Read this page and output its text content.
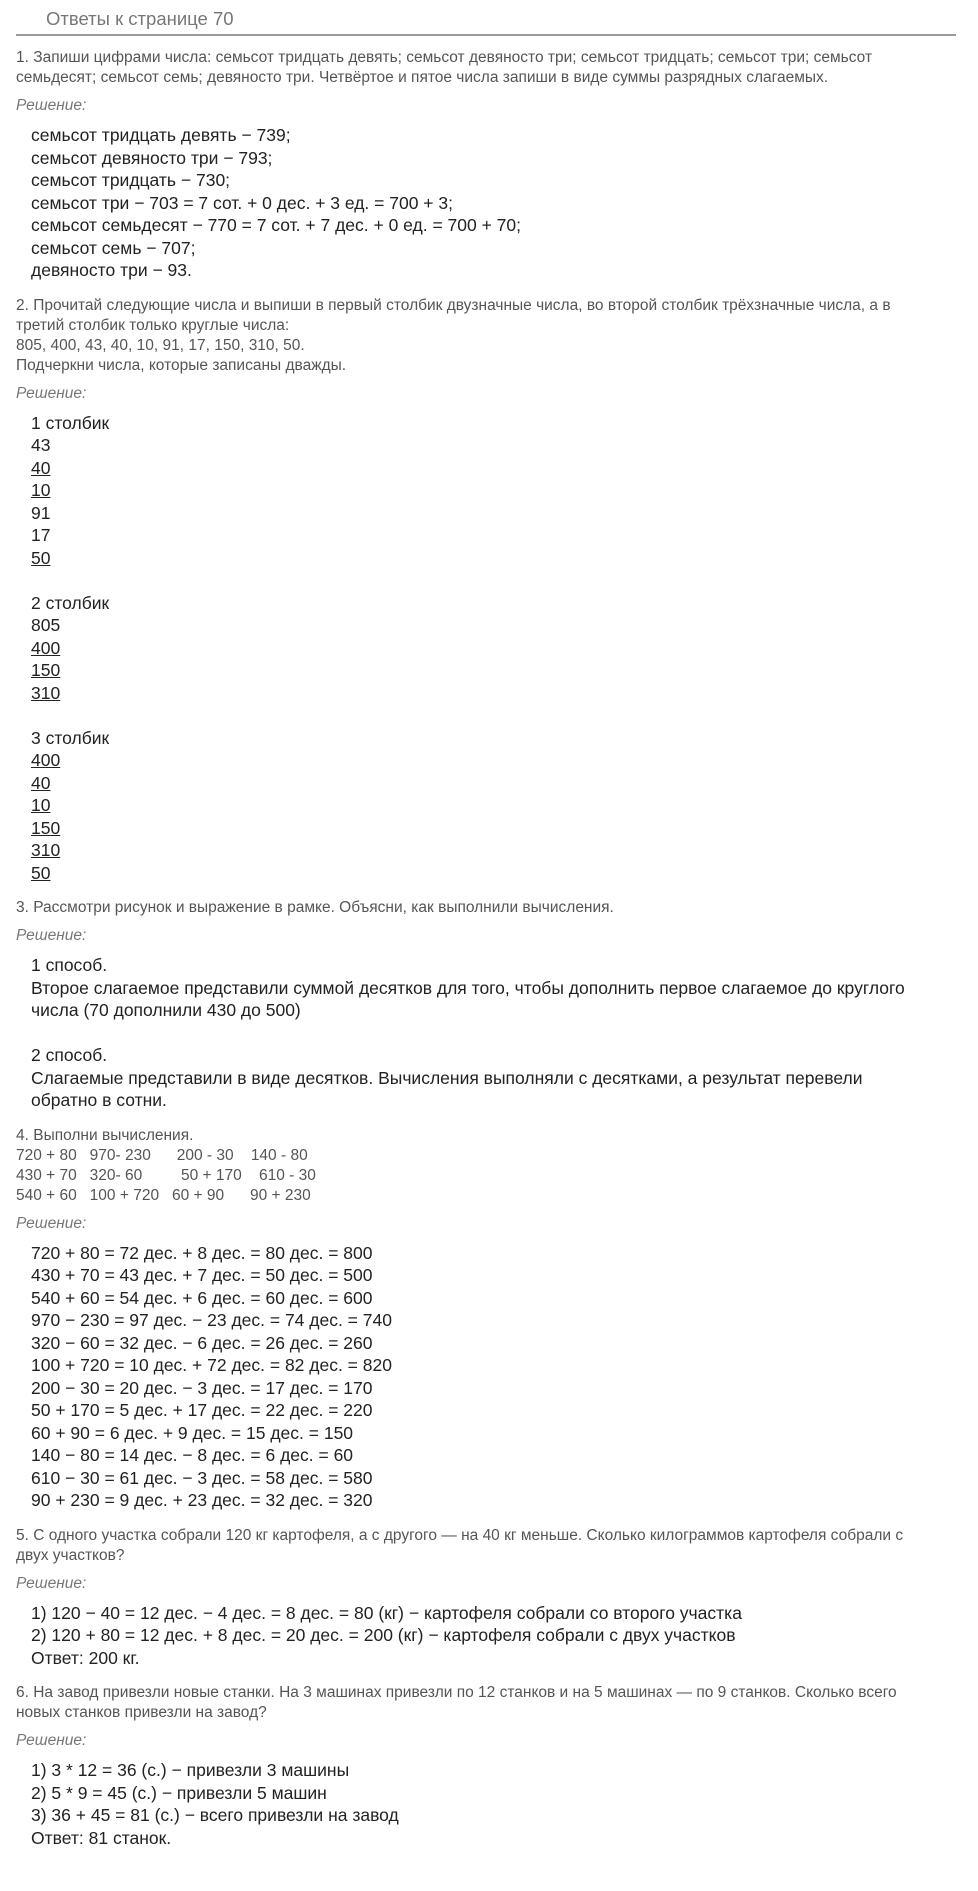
Ответы к странице 70
1. Запиши цифрами числа: семьсот тридцать девять; семьсот девяносто три; семьсот тридцать; семьсот три; семьсот
семьдесят; семьсот семь; девяносто три. Четвёртое и пятое числа запиши в виде суммы разрядных слагаемых.
Решение:
семьсот тридцать девять − 739;
семьсот девяносто три − 793;
семьсот тридцать − 730;
семьсот три − 703 = 7 сот. + 0 дес. + 3 ед. = 700 + 3;
семьсот семьдесят − 770 = 7 сот. + 7 дес. + 0 ед. = 700 + 70;
семьсот семь − 707;
девяносто три − 93.
2. Прочитай следующие числа и выпиши в первый столбик двузначные числа, во второй столбик трёхзначные числа, а в
третий столбик только круглые числа:
805, 400, 43, 40, 10, 91, 17, 150, 310, 50.
Подчеркни числа, которые записаны дважды.
Решение:
1 столбик
43
40
10
91
17
50
2 столбик
805
400
150
310
3 столбик
400
40
10
150
310
50
3. Рассмотри рисунок и выражение в рамке. Объясни, как выполнили вычисления.
Решение:
1 способ.
Второе слагаемое представили суммой десятков для того, чтобы дополнить первое слагаемое до круглого
числа (70 дополнили 430 до 500)
2 способ.
Слагаемые представили в виде десятков. Вычисления выполняли с десятками, а результат перевели
обратно в сотни.
4. Выполни вычисления.
720 + 80   970- 230      200 - 30    140 - 80
430 + 70   320- 60         50 + 170    610 - 30
540 + 60   100 + 720   60 + 90      90 + 230
Решение:
720 + 80 = 72 дес. + 8 дес. = 80 дес. = 800
430 + 70 = 43 дес. + 7 дес. = 50 дес. = 500
540 + 60 = 54 дес. + 6 дес. = 60 дес. = 600
970 − 230 = 97 дес. − 23 дес. = 74 дес. = 740
320 − 60 = 32 дес. − 6 дес. = 26 дес. = 260
100 + 720 = 10 дес. + 72 дес. = 82 дес. = 820
200 − 30 = 20 дес. − 3 дес. = 17 дес. = 170
50 + 170 = 5 дес. + 17 дес. = 22 дес. = 220
60 + 90 = 6 дес. + 9 дес. = 15 дес. = 150
140 − 80 = 14 дес. − 8 дес. = 6 дес. = 60
610 − 30 = 61 дес. − 3 дес. = 58 дес. = 580
90 + 230 = 9 дес. + 23 дес. = 32 дес. = 320
5. С одного участка собрали 120 кг картофеля, а с другого — на 40 кг меньше. Сколько килограммов картофеля собрали с
двух участков?
Решение:
1) 120 − 40 = 12 дес. − 4 дес. = 8 дес. = 80 (кг) − картофеля собрали со второго участка
2) 120 + 80 = 12 дес. + 8 дес. = 20 дес. = 200 (кг) − картофеля собрали с двух участков
Ответ: 200 кг.
6. На завод привезли новые станки. На 3 машинах привезли по 12 станков и на 5 машинах — по 9 станков. Сколько всего
новых станков привезли на завод?
Решение:
1) 3 * 12 = 36 (с.) − привезли 3 машины
2) 5 * 9 = 45 (с.) − привезли 5 машин
3) 36 + 45 = 81 (с.) − всего привезли на завод
Ответ: 81 станок.
